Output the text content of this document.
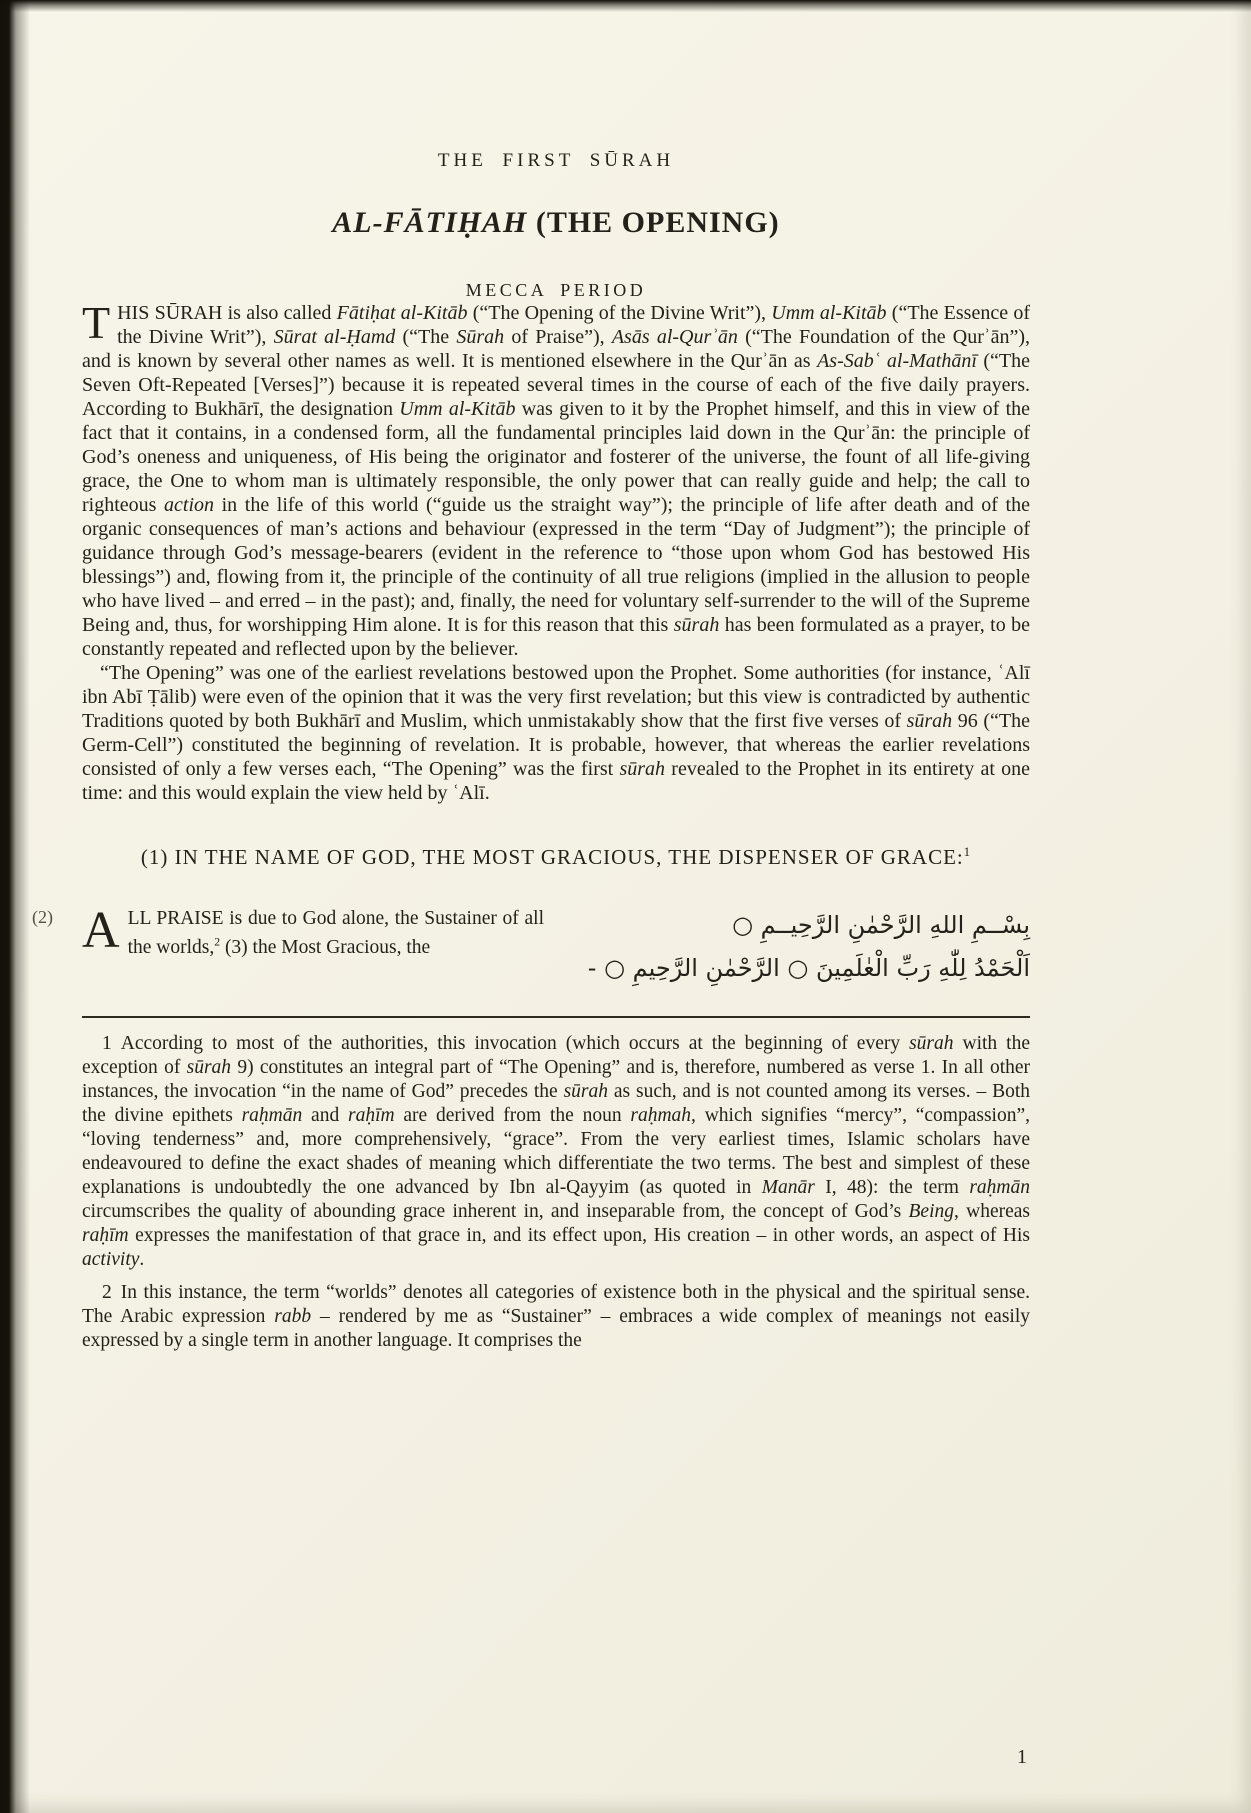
THE FIRST SŪRAH
AL-FĀTIḤAH (THE OPENING)
MECCA PERIOD

THIS SŪRAH is also called Fātiḥat al-Kitāb (“The Opening of the Divine Writ”), Umm al-Kitāb (“The Essence of the Divine Writ”), Sūrat al-Ḥamd (“The Sūrah of Praise”), Asās al-Qurʾān (“The Foundation of the Qurʾān”), and is known by several other names as well. It is mentioned elsewhere in the Qurʾān as As-Sabʿ al-Mathānī (“The Seven Oft-Repeated [Verses]”) because it is repeated several times in the course of each of the five daily prayers. According to Bukhārī, the designation Umm al-Kitāb was given to it by the Prophet himself, and this in view of the fact that it contains, in a condensed form, all the fundamental principles laid down in the Qurʾān: the principle of God’s oneness and uniqueness, of His being the originator and fosterer of the universe, the fount of all life-giving grace, the One to whom man is ultimately responsible, the only power that can really guide and help; the call to righteous action in the life of this world (“guide us the straight way”); the principle of life after death and of the organic consequences of man’s actions and behaviour (expressed in the term “Day of Judgment”); the principle of guidance through God’s message-bearers (evident in the reference to “those upon whom God has bestowed His blessings”) and, flowing from it, the principle of the continuity of all true religions (implied in the allusion to people who have lived – and erred – in the past); and, finally, the need for voluntary self-surrender to the will of the Supreme Being and, thus, for worshipping Him alone. It is for this reason that this sūrah has been formulated as a prayer, to be constantly repeated and reflected upon by the believer.

“The Opening” was one of the earliest revelations bestowed upon the Prophet. Some authorities (for instance, ʿAlī ibn Abī Ṭālib) were even of the opinion that it was the very first revelation; but this view is contradicted by authentic Traditions quoted by both Bukhārī and Muslim, which unmistakably show that the first five verses of sūrah 96 (“The Germ-Cell”) constituted the beginning of revelation. It is probable, however, that whereas the earlier revelations consisted of only a few verses each, “The Opening” was the first sūrah revealed to the Prophet in its entirety at one time: and this would explain the view held by ʿAlī.

(1) IN THE NAME OF GOD, THE MOST GRACIOUS, THE DISPENSER OF GRACE:$^1$
(2) ALL PRAISE is due to God alone, the Sustainer of all the worlds,$^2$ (3) the Most Gracious, the
بِسْــمِ اللهِ الرَّحْمٰنِ الرَّحِيــمِ ○
اَلْحَمْدُ لِلّٰهِ رَبِّ الْعٰلَمِينَ ○ الرَّحْمٰنِ الرَّحِيمِ ○ -

1 According to most of the authorities, this invocation (which occurs at the beginning of every sūrah with the exception of sūrah 9) constitutes an integral part of “The Opening” and is, therefore, numbered as verse 1. In all other instances, the invocation “in the name of God” precedes the sūrah as such, and is not counted among its verses. – Both the divine epithets raḥmān and raḥīm are derived from the noun raḥmah, which signifies “mercy”, “compassion”, “loving tenderness” and, more comprehensively, “grace”. From the very earliest times, Islamic scholars have endeavoured to define the exact shades of meaning which differentiate the two terms. The best and simplest of these explanations is undoubtedly the one advanced by Ibn al-Qayyim (as quoted in Manār I, 48): the term raḥmān circumscribes the quality of abounding grace inherent in, and inseparable from, the concept of God’s Being, whereas raḥīm expresses the manifestation of that grace in, and its effect upon, His creation – in other words, an aspect of His activity.

2 In this instance, the term “worlds” denotes all categories of existence both in the physical and the spiritual sense. The Arabic expression rabb – rendered by me as “Sustainer” – embraces a wide complex of meanings not easily expressed by a single term in another language. It comprises the

1
